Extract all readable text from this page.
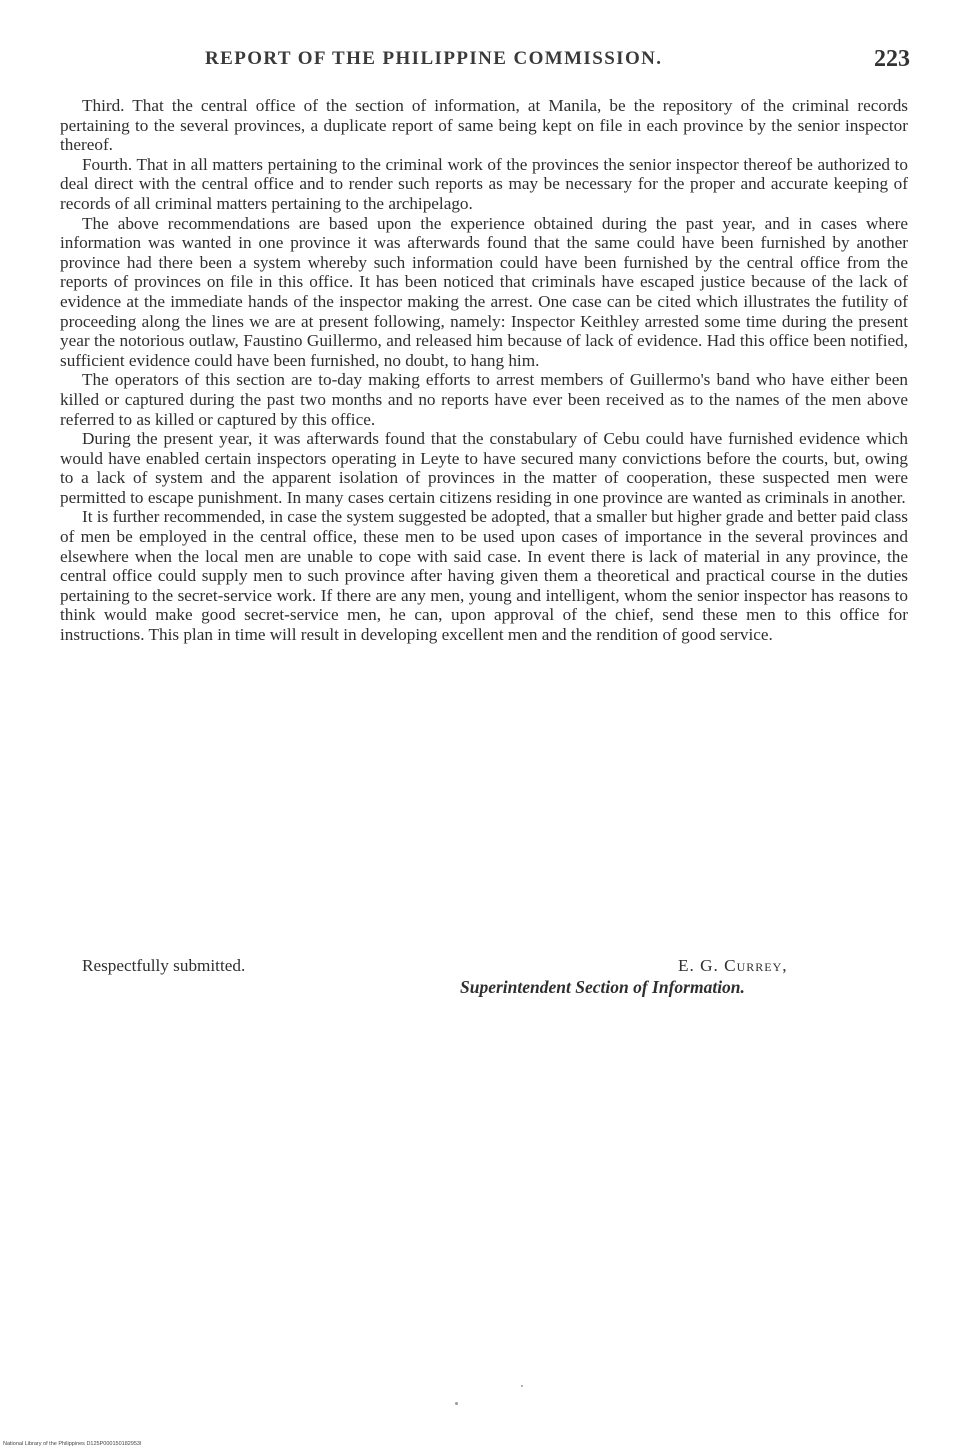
REPORT OF THE PHILIPPINE COMMISSION.	223

Third. That the central office of the section of information, at Manila, be the repository of the criminal records pertaining to the several provinces, a duplicate report of same being kept on file in each province by the senior inspector thereof.

Fourth. That in all matters pertaining to the criminal work of the provinces the senior inspector thereof be authorized to deal direct with the central office and to render such reports as may be necessary for the proper and accurate keeping of records of all criminal matters pertaining to the archipelago.

The above recommendations are based upon the experience obtained during the past year, and in cases where information was wanted in one province it was afterwards found that the same could have been furnished by another province had there been a system whereby such information could have been furnished by the central office from the reports of provinces on file in this office. It has been noticed that criminals have escaped justice because of the lack of evidence at the immediate hands of the inspector making the arrest. One case can be cited which illustrates the futility of proceeding along the lines we are at present following, namely: Inspector Keithley arrested some time during the present year the notorious outlaw, Faustino Guillermo, and released him because of lack of evidence. Had this office been notified, sufficient evidence could have been furnished, no doubt, to hang him.

The operators of this section are to-day making efforts to arrest members of Guillermo's band who have either been killed or captured during the past two months and no reports have ever been received as to the names of the men above referred to as killed or captured by this office.

During the present year, it was afterwards found that the constabulary of Cebu could have furnished evidence which would have enabled certain inspectors operating in Leyte to have secured many convictions before the courts, but, owing to a lack of system and the apparent isolation of provinces in the matter of cooperation, these suspected men were permitted to escape punishment. In many cases certain citizens residing in one province are wanted as criminals in another.

It is further recommended, in case the system suggested be adopted, that a smaller but higher grade and better paid class of men be employed in the central office, these men to be used upon cases of importance in the several provinces and elsewhere when the local men are unable to cope with said case. In event there is lack of material in any province, the central office could supply men to such province after having given them a theoretical and practical course in the duties pertaining to the secret-service work. If there are any men, young and intelligent, whom the senior inspector has reasons to think would make good secret-service men, he can, upon approval of the chief, send these men to this office for instructions. This plan in time will result in developing excellent men and the rendition of good service.

Respectfully submitted.	E. G. Currey,
Superintendent Section of Information.
National Library of the Philippines D125P000150182953I
